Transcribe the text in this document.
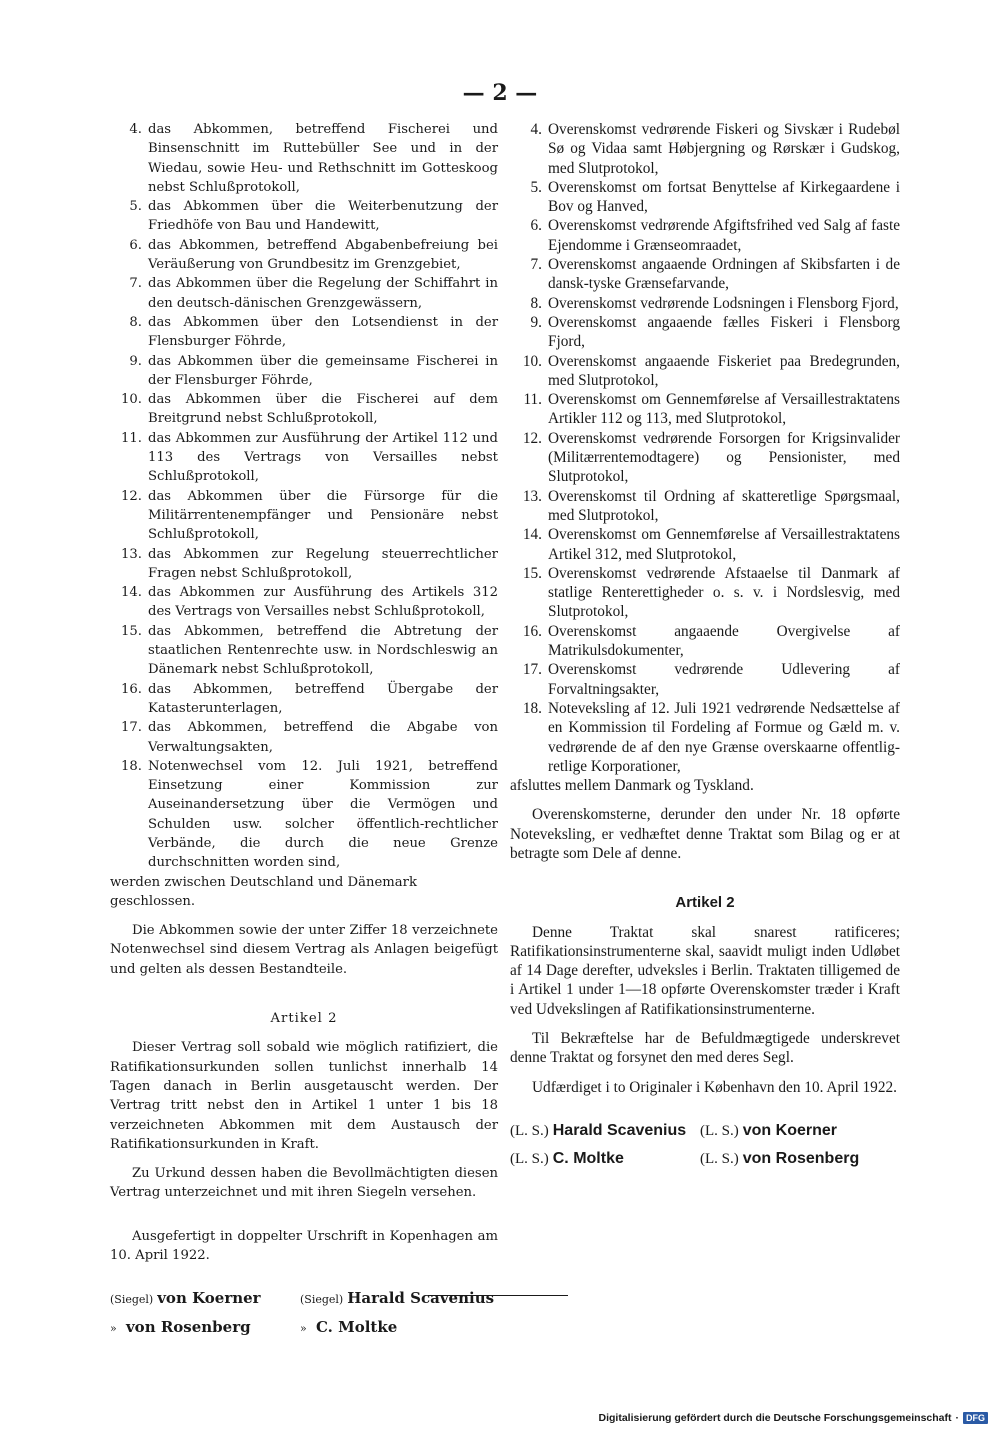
— 2 —
4. das Abkommen, betreffend Fischerei und Binsenschnitt im Ruttebüller See und in der Wiedau, sowie Heu- und Rethschnitt im Gotteskoog nebst Schlußprotokoll,
5. das Abkommen über die Weiterbenutzung der Friedhöfe von Bau und Handewitt,
6. das Abkommen, betreffend Abgabenbefreiung bei Veräußerung von Grundbesitz im Grenzgebiet,
7. das Abkommen über die Regelung der Schiffahrt in den deutsch-dänischen Grenzgewässern,
8. das Abkommen über den Lotsendienst in der Flensburger Föhrde,
9. das Abkommen über die gemeinsame Fischerei in der Flensburger Föhrde,
10. das Abkommen über die Fischerei auf dem Breitgrund nebst Schlußprotokoll,
11. das Abkommen zur Ausführung der Artikel 112 und 113 des Vertrags von Versailles nebst Schlußprotokoll,
12. das Abkommen über die Fürsorge für die Militärrentenempfänger und Pensionäre nebst Schlußprotokoll,
13. das Abkommen zur Regelung steuerrechtlicher Fragen nebst Schlußprotokoll,
14. das Abkommen zur Ausführung des Artikels 312 des Vertrags von Versailles nebst Schlußprotokoll,
15. das Abkommen, betreffend die Abtretung der staatlichen Rentenrechte usw. in Nordschleswig an Dänemark nebst Schlußprotokoll,
16. das Abkommen, betreffend Übergabe der Katasterunterlagen,
17. das Abkommen, betreffend die Abgabe von Verwaltungsakten,
18. Notenwechsel vom 12. Juli 1921, betreffend Einsetzung einer Kommission zur Auseinandersetzung über die Vermögen und Schulden usw. solcher öffentlich-rechtlicher Verbände, die durch die neue Grenze durchschnitten worden sind,

werden zwischen Deutschland und Dänemark geschlossen.

Die Abkommen sowie der unter Ziffer 18 verzeichnete Notenwechsel sind diesem Vertrag als Anlagen beigefügt und gelten als dessen Bestandteile.

Artikel 2

Dieser Vertrag soll sobald wie möglich ratifiziert, die Ratifikationsurkunden sollen tunlichst innerhalb 14 Tagen danach in Berlin ausgetauscht werden. Der Vertrag tritt nebst den in Artikel 1 unter 1 bis 18 verzeichneten Abkommen mit dem Austausch der Ratifikationsurkunden in Kraft.

Zu Urkund dessen haben die Bevollmächtigten diesen Vertrag unterzeichnet und mit ihren Siegeln versehen.

Ausgefertigt in doppelter Urschrift in Kopenhagen am 10. April 1922.

(Siegel) von Koerner	(Siegel) Harald Scavenius
» von Rosenberg	» C. Moltke
4. Overenskomst vedrørende Fiskeri og Sivskær i Rudebøl Sø og Vidaa samt Høbjergning og Rørskær i Gudskog, med Slutprotokol,
5. Overenskomst om fortsat Benyttelse af Kirkegaardene i Bov og Hanved,
6. Overenskomst vedrørende Afgiftsfrihed ved Salg af faste Ejendomme i Grænseomraadet,
7. Overenskomst angaaende Ordningen af Skibsfarten i de dansk-tyske Grænsefarvande,
8. Overenskomst vedrørende Lodsningen i Flensborg Fjord,
9. Overenskomst angaaende fælles Fiskeri i Flensborg Fjord,
10. Overenskomst angaaende Fiskeriet paa Bredegrunden, med Slutprotokol,
11. Overenskomst om Gennemførelse af Versaillestraktatens Artikler 112 og 113, med Slutprotokol,
12. Overenskomst vedrørende Forsorgen for Krigsinvalider (Militærrentemodtagere) og Pensionister, med Slutprotokol,
13. Overenskomst til Ordning af skatteretlige Spørgsmaal, med Slutprotokol,
14. Overenskomst om Gennemførelse af Versaillestraktatens Artikel 312, med Slutprotokol,
15. Overenskomst vedrørende Afstaaelse til Danmark af statlige Renterettigheder o. s. v. i Nordslesvig, med Slutprotokol,
16. Overenskomst angaaende Overgivelse af Matrikulsdokumenter,
17. Overenskomst vedrørende Udlevering af Forvaltningsakter,
18. Noteveksling af 12. Juli 1921 vedrørende Nedsættelse af en Kommission til Fordeling af Formue og Gæld m. v. vedrørende de af den nye Grænse overskaarne offentlig-retlige Korporationer,

afsluttes mellem Danmark og Tyskland.

Overenskomsterne, derunder den under Nr. 18 opførte Noteveksling, er vedhæftet denne Traktat som Bilag og er at betragte som Dele af denne.

Artikel 2

Denne Traktat skal snarest ratificeres; Ratifikationsinstrumenterne skal, saavidt muligt inden Udløbet af 14 Dage derefter, udveksles i Berlin. Traktaten tilligemed de i Artikel 1 under 1—18 opførte Overenskomster træder i Kraft ved Udvekslingen af Ratifikationsinstrumenterne.

Til Bekræftelse har de Befuldmægtigede underskrevet denne Traktat og forsynet den med deres Segl.

Udfærdiget i to Originaler i København den 10. April 1922.

(L. S.) Harald Scavenius (L. S.) von Koerner
(L. S.) C. Moltke	(L. S.) von Rosenberg
Digitalisierung gefördert durch die Deutsche Forschungsgemeinschaft · DFG
